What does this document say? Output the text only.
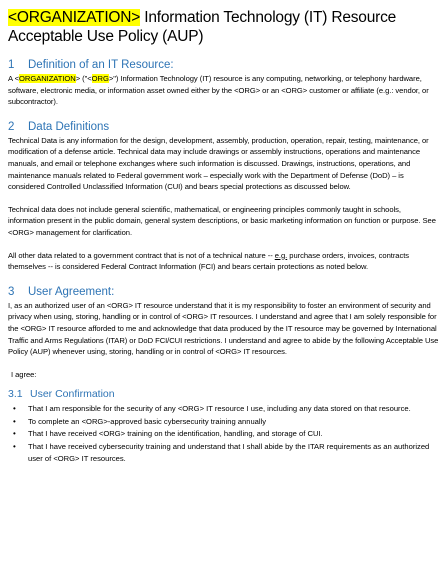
<ORGANIZATION> Information Technology (IT) Resource Acceptable Use Policy (AUP)
1 Definition of an IT Resource:

A <ORGANIZATION> ("<ORG>") Information Technology (IT) resource is any computing, networking, or telephony hardware, software, electronic media, or information asset owned either by the <ORG> or an <ORG> customer or affiliate (e.g.: vendor, or subcontractor).

2 Data Definitions

Technical Data is any information for the design, development, assembly, production, operation, repair, testing, maintenance, or modification of a defense article. Technical data may include drawings or assembly instructions, operations and maintenance manuals, and email or telephone exchanges where such information is discussed. Drawings, instructions, operations, and maintenance manuals related to Federal government work – especially work with the Department of Defense (DoD) – is considered Controlled Unclassified Information (CUI) and bears special protections as discussed below.

Technical data does not include general scientific, mathematical, or engineering principles commonly taught in schools, information present in the public domain, general system descriptions, or basic marketing information on function or purpose. See <ORG> management for clarification.

All other data related to a government contract that is not of a technical nature -- e.g. purchase orders, invoices, contracts themselves -- is considered Federal Contract Information (FCI) and bears certain protections as noted below.

3 User Agreement:

I, as an authorized user of an <ORG> IT resource understand that it is my responsibility to foster an environment of security and privacy when using, storing, handling or in control of <ORG> IT resources. I understand and agree that I am solely responsible for the <ORG> IT resource afforded to me and acknowledge that data produced by the IT resource may be governed by International Traffic and Arms Regulations (ITAR) or DoD FCI/CUI restrictions. I understand and agree to abide by the following Acceptable Use Policy (AUP) whenever using, storing, handling or in control of <ORG> IT resources.

I agree:

3.1 User Confirmation
• That I am responsible for the security of any <ORG> IT resource I use, including any data stored on that resource.
• To complete an <ORG>-approved basic cybersecurity training annually
• That I have received <ORG> training on the identification, handling, and storage of CUI.
• That I have received cybersecurity training and understand that I shall abide by the ITAR requirements as an authorized user of <ORG> IT resources.
